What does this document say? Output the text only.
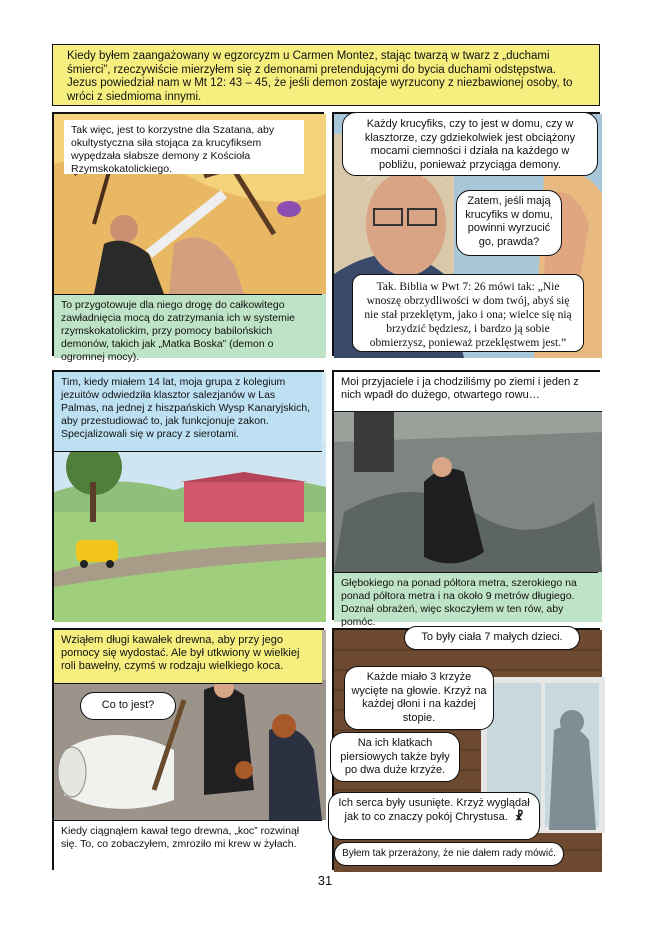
Kiedy byłem zaangażowany w egzorcyzm u Carmen Montez, stając twarzą w twarz z „duchami śmierci”, rzeczywiście mierzyłem się z demonami pretendującymi do bycia duchami odstępstwa. Jezus powiedział nam w Mt 12: 43 – 45, że jeśli demon zostaje wyrzucony z niezbawionej osoby, to wróci z siedmioma innymi.
Tak więc, jest to korzystne dla Szatana, aby okultystyczna siła stojąca za krucyfiksem wypędzała słabsze demony z Kościoła Rzymskokatolickiego.
To przygotowuje dla niego drogę do całkowitego zawładnięcia mocą do zatrzymania ich w systemie rzymskokatolickim, przy pomocy babilońskich demonów, takich jak „Matka Boska” (demon o ogromnej mocy).
Każdy krucyfiks, czy to jest w domu, czy w klasztorze, czy gdziekolwiek jest obciążony mocami ciemności i działa na każdego w pobliżu, ponieważ przyciąga demony.
Zatem, jeśli mają krucyfiks w domu, powinni wyrzucić go, prawda?
Tak. Biblia w Pwt 7: 26 mówi tak: „Nie wnoszę obrzydliwości w dom twój, abyś się nie stał przeklętym, jako i ona; wielce się nią brzydzić będziesz, i bardzo ją sobie obmierzysz, ponieważ przeklęstwem jest.”
Tim, kiedy miałem 14 lat, moja grupa z kolegium jezuitów odwiedziła klasztor salezjanów w Las Palmas, na jednej z hiszpańskich Wysp Kanaryjskich, aby przestudiować to, jak funkcjonuje zakon. Specjalizowali się w pracy z sierotami.
Moi przyjaciele i ja chodziliśmy po ziemi i jeden z nich wpadł do dużego, otwartego rowu…
Głębokiego na ponad półtora metra, szerokiego na ponad półtora metra i na około 9 metrów długiego. Doznał obrażeń, więc skoczyłem w ten rów, aby pomóc.
Wziąłem długi kawałek drewna, aby przy jego pomocy się wydostać. Ale był utkwiony w wielkiej roli bawełny, czymś w rodzaju wielkiego koca.
Co to jest?
Kiedy ciągnąłem kawał tego drewna, „koc” rozwinął się. To, co zobaczyłem, zmroziło mi krew w żyłach.
To były ciała 7 małych dzieci.
Każde miało 3 krzyże wycięte na głowie. Krzyż na każdej dłoni i na każdej stopie.
Na ich klatkach piersiowych także były po dwa duże krzyże.
Ich serca były usunięte. Krzyż wyglądał jak to co znaczy pokój Chrystusa. ☧
Byłem tak przerażony, że nie dałem rady mówić.
31
